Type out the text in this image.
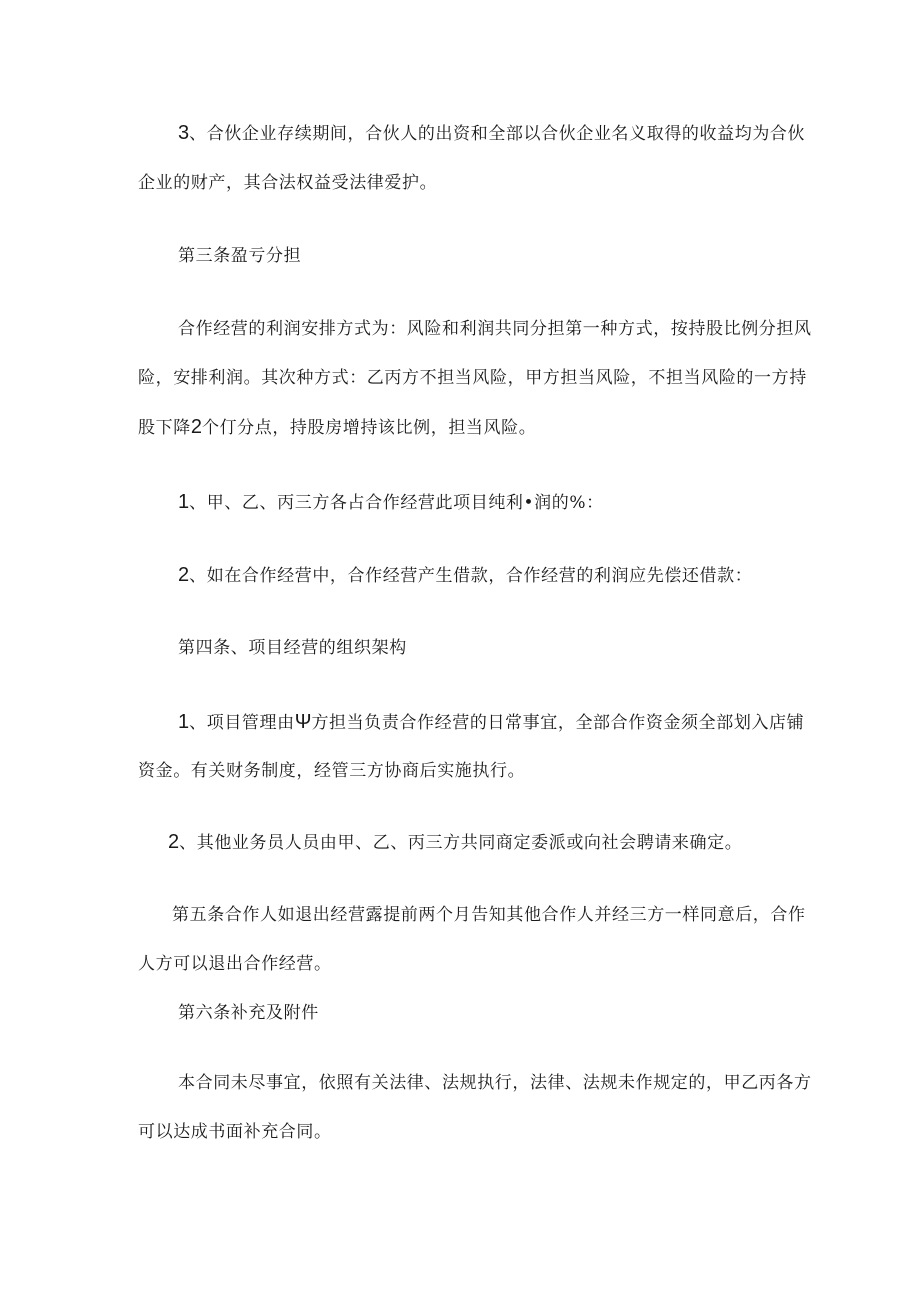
3、合伙企业存续期间，合伙人的出资和全部以合伙企业名义取得的收益均为合伙
企业的财产，其合法权益受法律爱护。
第三条盈亏分担
合作经营的利润安排方式为：风险和利润共同分担第一种方式，按持股比例分担风
险，安排利润。其次种方式：乙丙方不担当风险，甲方担当风险，不担当风险的一方持
股下降2个仃分点，持股房增持该比例，担当风险。
1、甲、乙、丙三方各占合作经营此项目纯利•润的%：
2、如在合作经营中，合作经营产生借款，合作经营的利润应先偿还借款：
第四条、项目经营的组织架构
1、项目管理由Ψ方担当负责合作经营的日常事宜，全部合作资金须全部划入店铺
资金。有关财务制度，经管三方协商后实施执行。
2、其他业务员人员由甲、乙、丙三方共同商定委派或向社会聘请来确定。
第五条合作人如退出经营露提前两个月告知其他合作人并经三方一样同意后，合作
人方可以退出合作经营。
第六条补充及附件
本合同未尽事宜，依照有关法律、法规执行，法律、法规未作规定的，甲乙丙各方
可以达成书面补充合同。
